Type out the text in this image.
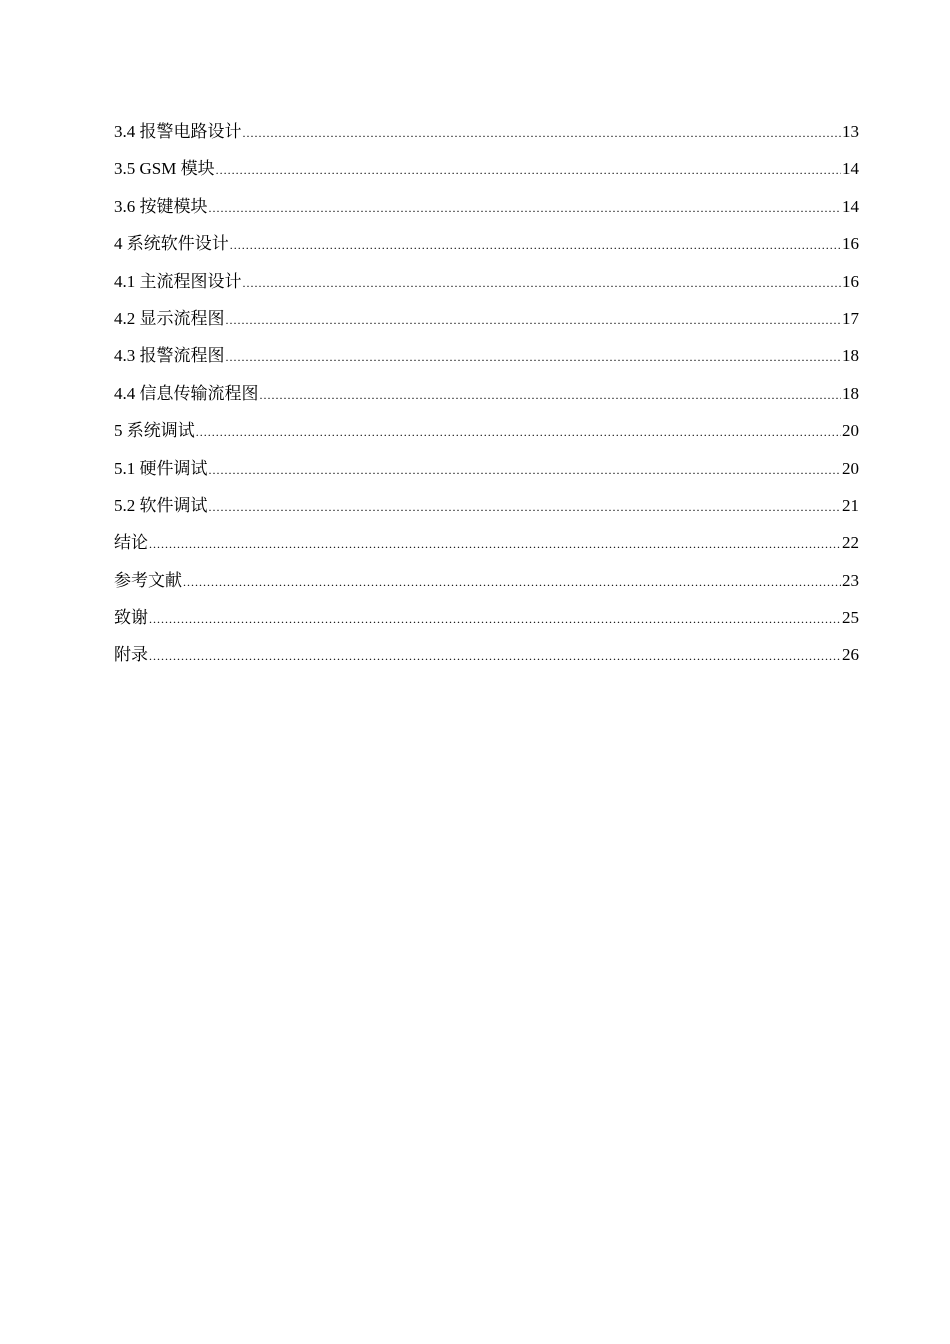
3.4 报警电路设计 .....	13
3.5 GSM 模块 .....	14
3.6 按键模块 .....	14
4 系统软件设计 .....	16
4.1 主流程图设计 .....	16
4.2 显示流程图 .....	17
4.3 报警流程图 .....	18
4.4 信息传输流程图 .....	18
5 系统调试 .....	20
5.1 硬件调试 .....	20
5.2 软件调试 .....	21
结论 .....	22
参考文献 .....	23
致谢 .....	25
附录 .....	26
